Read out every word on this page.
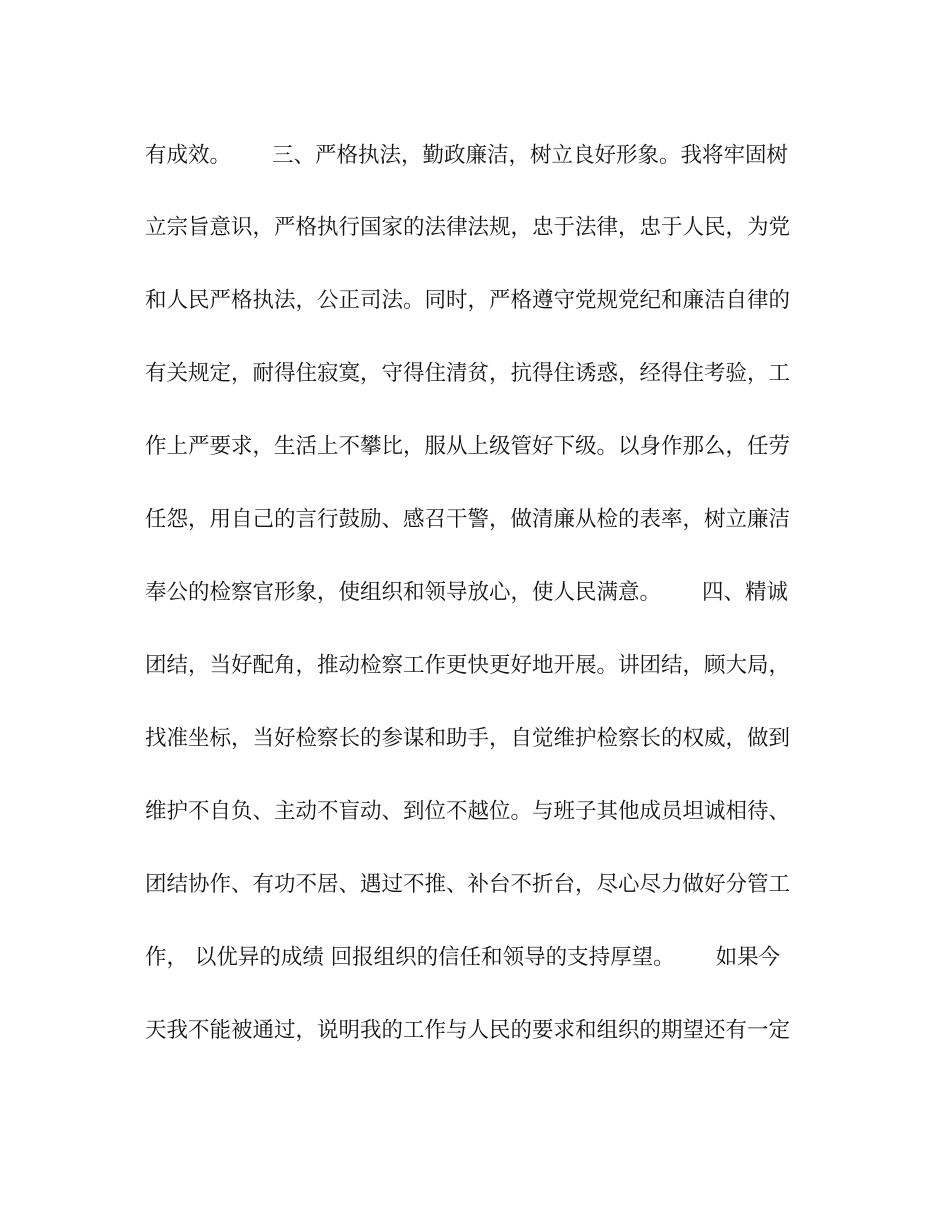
有成效。      三、严格执法，勤政廉洁，树立良好形象。我将牢固树
立宗旨意识，严格执行国家的法律法规，忠于法律，忠于人民，为党
和人民严格执法，公正司法。同时，严格遵守党规党纪和廉洁自律的
有关规定，耐得住寂寞，守得住清贫，抗得住诱惑，经得住考验，工
作上严要求，生活上不攀比，服从上级管好下级。以身作那么，任劳
任怨，用自己的言行鼓励、感召干警，做清廉从检的表率，树立廉洁
奉公的检察官形象，使组织和领导放心，使人民满意。      四、精诚
团结，当好配角，推动检察工作更快更好地开展。讲团结，顾大局，
找准坐标，当好检察长的参谋和助手，自觉维护检察长的权威，做到
维护不自负、主动不盲动、到位不越位。与班子其他成员坦诚相待、
团结协作、有功不居、遇过不推、补台不折台，尽心尽力做好分管工
作， 以优异的成绩 回报组织的信任和领导的支持厚望。      如果今
天我不能被通过，说明我的工作与人民的要求和组织的期望还有一定
